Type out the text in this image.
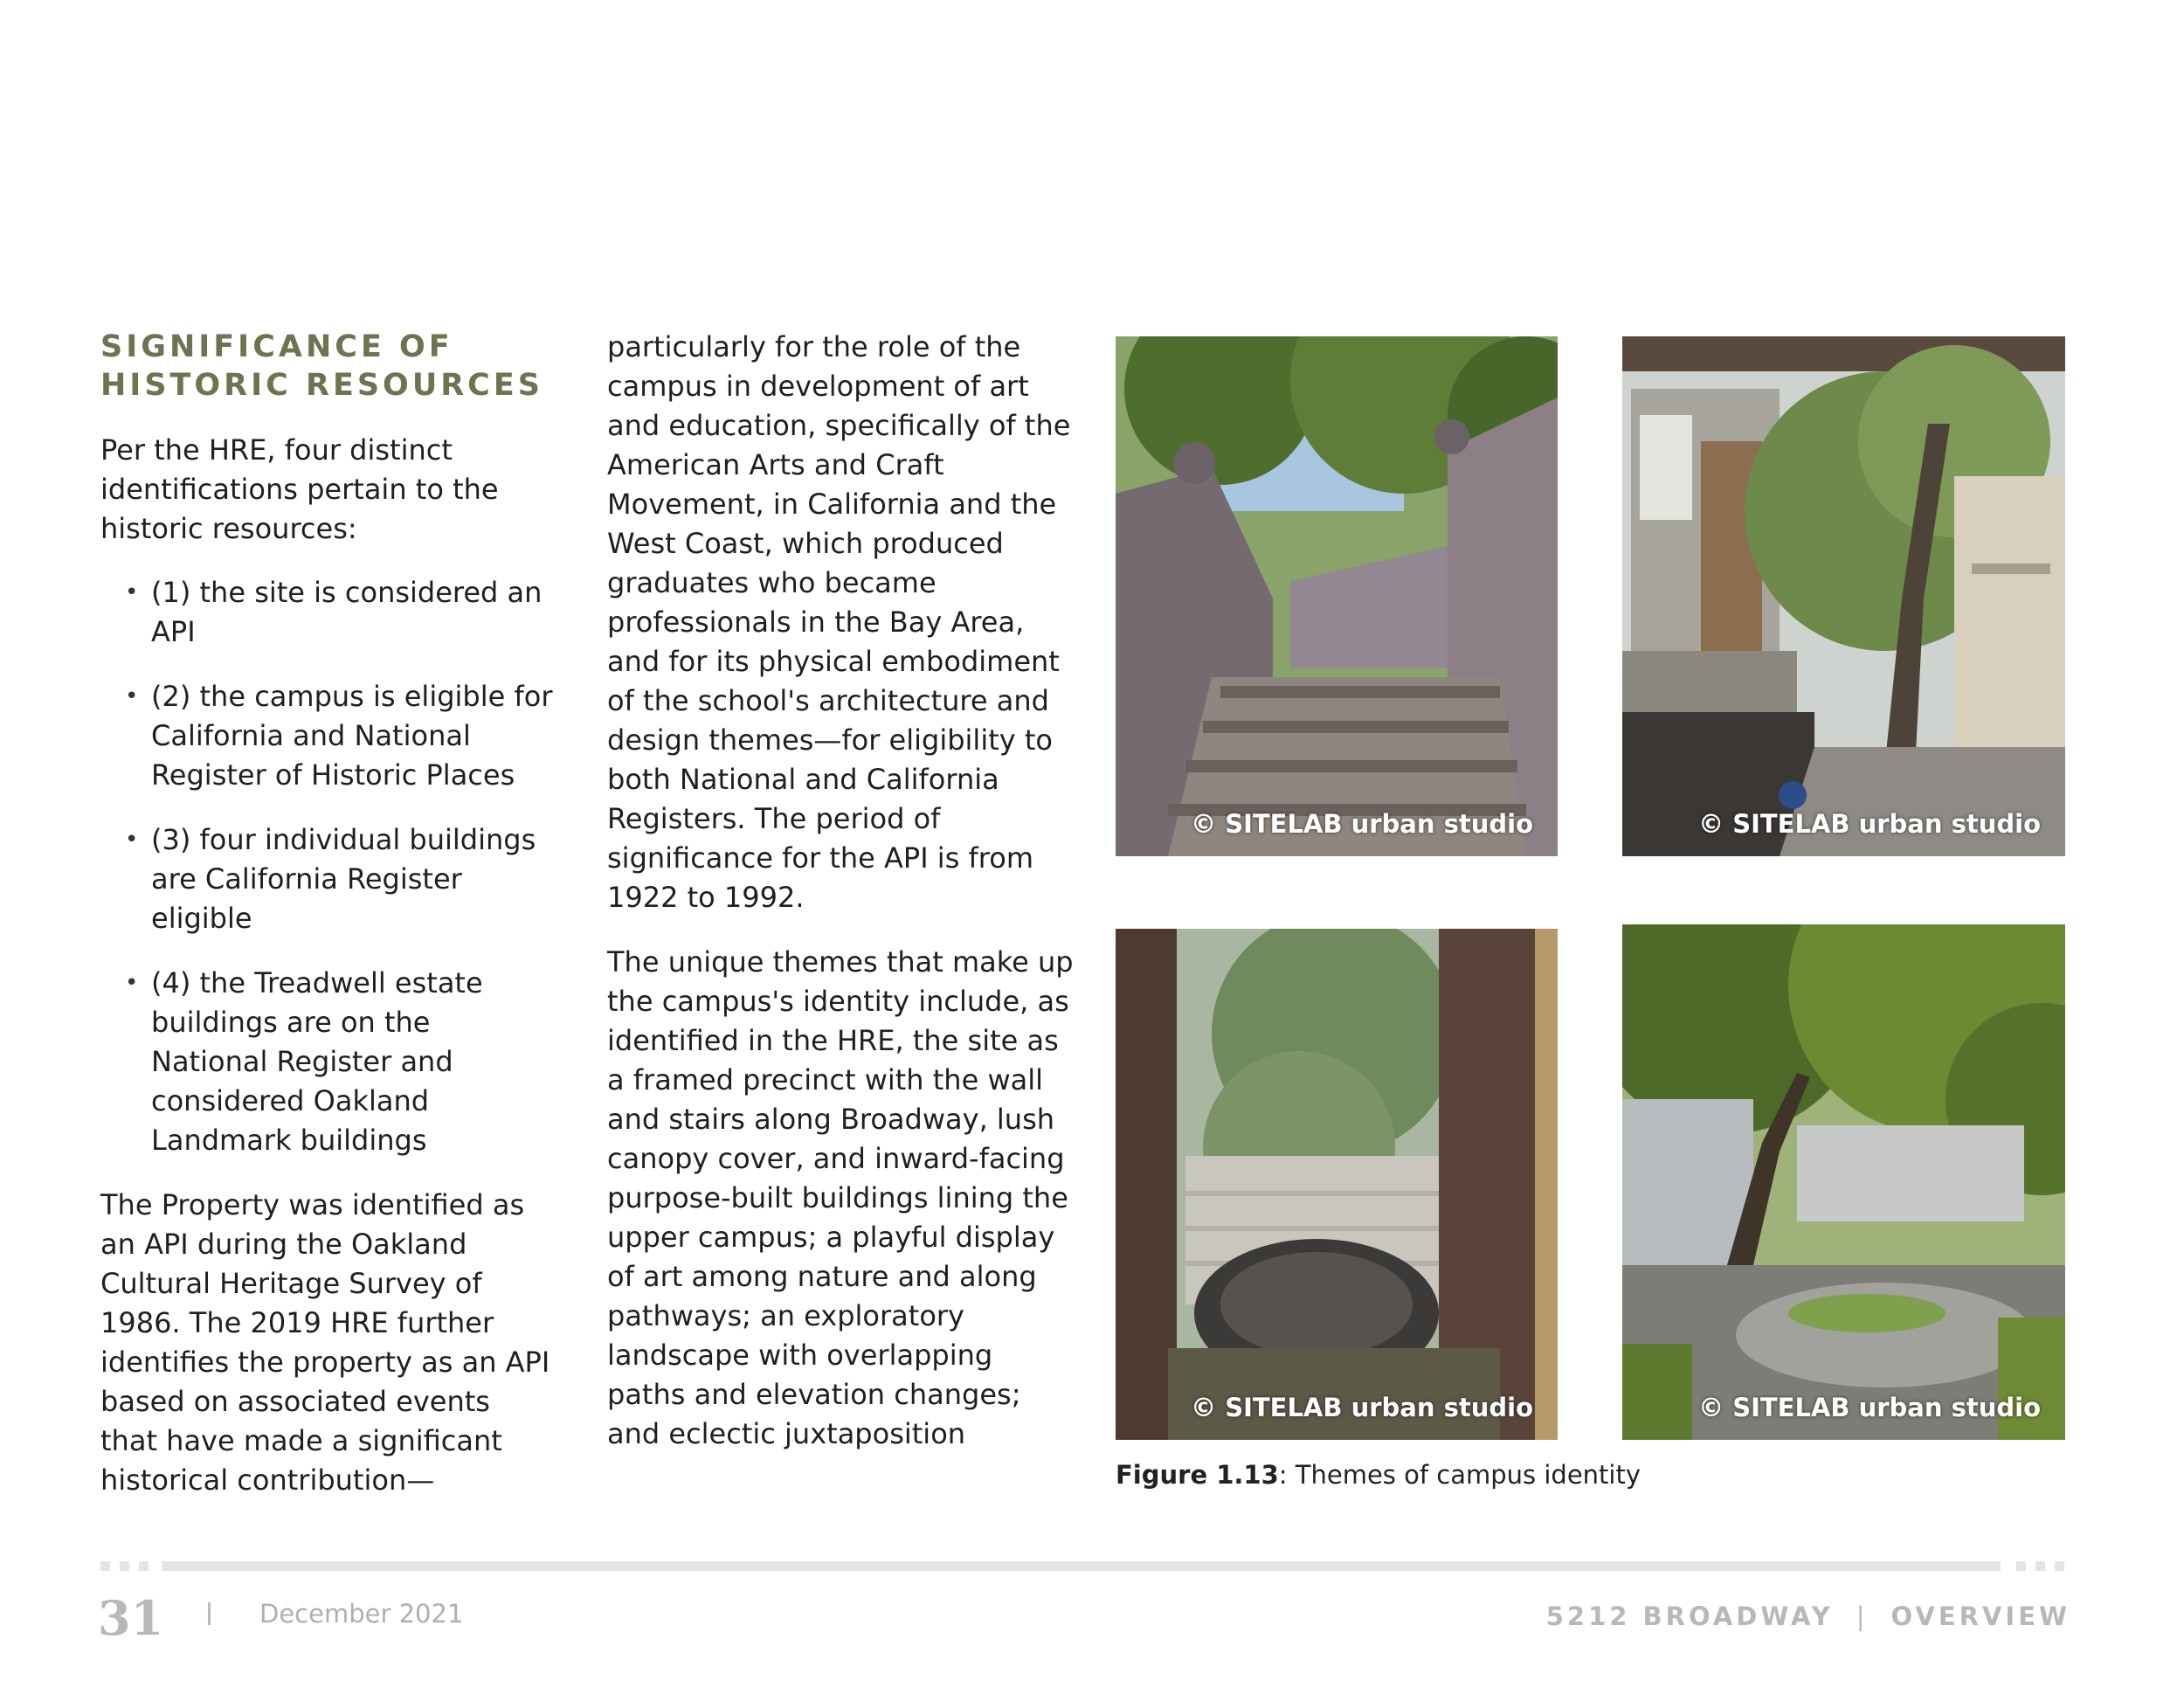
SIGNIFICANCE OF
HISTORIC RESOURCES

Per the HRE, four distinct identifications pertain to the historic resources:

• (1) the site is considered an API
• (2) the campus is eligible for California and National Register of Historic Places
• (3) four individual buildings are California Register eligible
• (4) the Treadwell estate buildings are on the National Register and considered Oakland Landmark buildings

The Property was identified as an API during the Oakland Cultural Heritage Survey of 1986. The 2019 HRE further identifies the property as an API based on associated events that have made a significant historical contribution—

particularly for the role of the campus in development of art and education, specifically of the American Arts and Craft Movement, in California and the West Coast, which produced graduates who became professionals in the Bay Area, and for its physical embodiment of the school's architecture and design themes—for eligibility to both National and California Registers. The period of significance for the API is from 1922 to 1992.

The unique themes that make up the campus's identity include, as identified in the HRE, the site as a framed precinct with the wall and stairs along Broadway, lush canopy cover, and inward-facing purpose-built buildings lining the upper campus; a playful display of art among nature and along pathways; an exploratory landscape with overlapping paths and elevation changes; and eclectic juxtaposition

© SITELAB urban studio	© SITELAB urban studio
© SITELAB urban studio	© SITELAB urban studio
Figure 1.13: Themes of campus identity
31	December 2021	5212 BROADWAY | OVERVIEW
